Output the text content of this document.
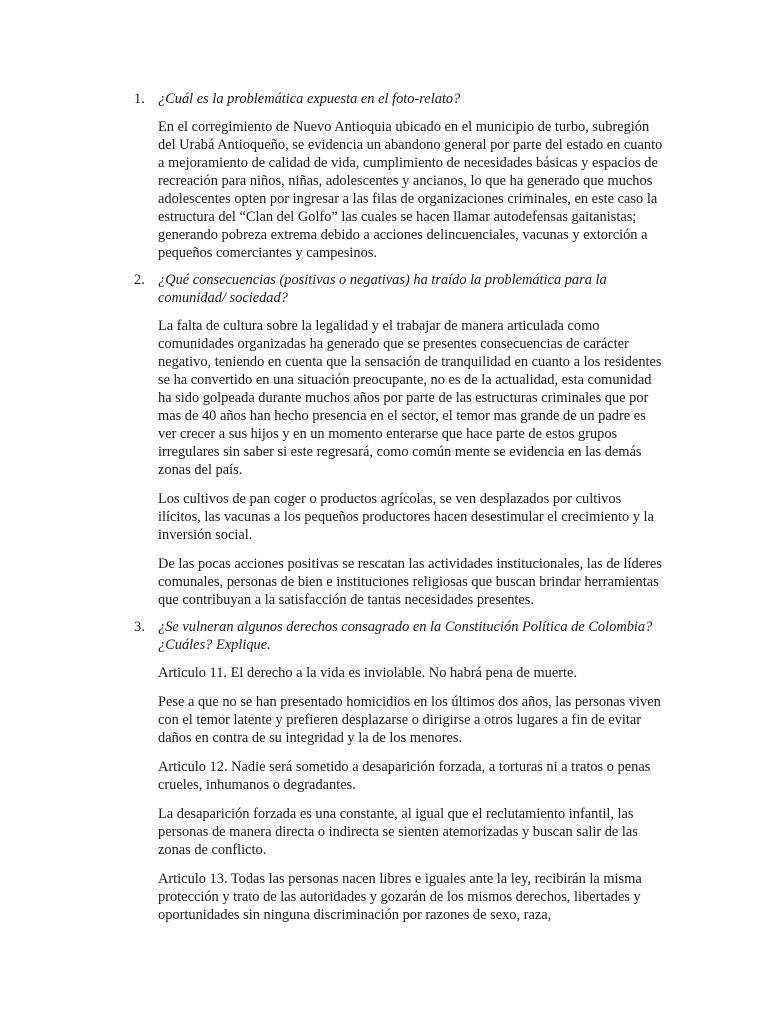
1. ¿Cuál es la problemática expuesta en el foto-relato?

En el corregimiento de Nuevo Antioquia ubicado en el municipio de turbo, subregión del Urabá Antioqueño, se evidencia un abandono general por parte del estado en cuanto a mejoramiento de calidad de vida, cumplimiento de necesidades básicas y espacios de recreación para niños, niñas, adolescentes y ancianos, lo que ha generado que muchos adolescentes opten por ingresar a las filas de organizaciones criminales, en este caso la estructura del “Clan del Golfo” las cuales se hacen llamar autodefensas gaitanistas; generando pobreza extrema debido a acciones delincuenciales, vacunas y extorción a pequeños comerciantes y campesinos.

2. ¿Qué consecuencias (positivas o negativas) ha traído la problemática para la comunidad/ sociedad?

La falta de cultura sobre la legalidad y el trabajar de manera articulada como comunidades organizadas ha generado que se presentes consecuencias de carácter negativo, teniendo en cuenta que la sensación de tranquilidad en cuanto a los residentes se ha convertido en una situación preocupante, no es de la actualidad, esta comunidad ha sido golpeada durante muchos años por parte de las estructuras criminales que por mas de 40 años han hecho presencia en el sector, el temor mas grande de un padre es ver crecer a sus hijos y en un momento enterarse que hace parte de estos grupos irregulares sin saber si este regresará, como común mente se evidencia en las demás zonas del país.

Los cultivos de pan coger o productos agrícolas, se ven desplazados por cultivos ilícitos, las vacunas a los pequeños productores hacen desestimular el crecimiento y la inversión social.

De las pocas acciones positivas se rescatan las actividades institucionales, las de líderes comunales, personas de bien e instituciones religiosas que buscan brindar herramientas que contribuyan a la satisfacción de tantas necesidades presentes.

3. ¿Se vulneran algunos derechos consagrado en la Constitución Política de Colombia? ¿Cuáles? Explique.

Articulo 11. El derecho a la vida es inviolable. No habrá pena de muerte.

Pese a que no se han presentado homicidios en los últimos dos años, las personas viven con el temor latente y prefieren desplazarse o dirigirse a otros lugares a fin de evitar daños en contra de su integridad y la de los menores.

Articulo 12. Nadie será sometido a desaparición forzada, a torturas ni a tratos o penas crueles, inhumanos o degradantes.

La desaparición forzada es una constante, al igual que el reclutamiento infantil, las personas de manera directa o indirecta se sienten atemorizadas y buscan salir de las zonas de conflicto.

Articulo 13. Todas las personas nacen libres e iguales ante la ley, recibirán la misma protección y trato de las autoridades y gozarán de los mismos derechos, libertades y oportunidades sin ninguna discriminación por razones de sexo, raza,
